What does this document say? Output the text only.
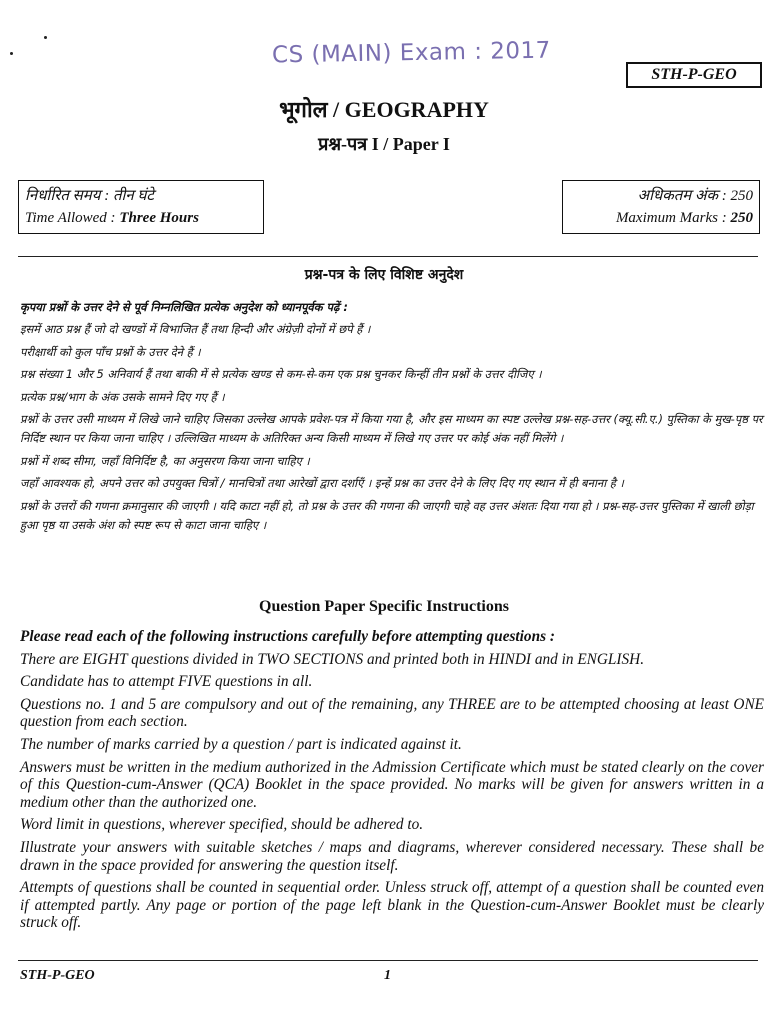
CS (MAIN) Exam : 2017
STH-P-GEO
भूगोल / GEOGRAPHY
प्रश्न-पत्र I / Paper I
निर्धारित समय : तीन घंटे
Time Allowed : Three Hours
अधिकतम अंक : 250
Maximum Marks : 250
प्रश्न-पत्र के लिए विशिष्ट अनुदेश

कृपया प्रश्नों के उत्तर देने से पूर्व निम्नलिखित प्रत्येक अनुदेश को ध्यानपूर्वक पढ़ें :

इसमें आठ प्रश्न हैं जो दो खण्डों में विभाजित हैं तथा हिन्दी और अंग्रेज़ी दोनों में छपे हैं ।

परीक्षार्थी को कुल पाँच प्रश्नों के उत्तर देने हैं ।

प्रश्न संख्या 1 और 5 अनिवार्य हैं तथा बाकी में से प्रत्येक खण्ड से कम-से-कम एक प्रश्न चुनकर किन्हीं तीन प्रश्नों के उत्तर दीजिए ।

प्रत्येक प्रश्न/भाग के अंक उसके सामने दिए गए हैं ।

प्रश्नों के उत्तर उसी माध्यम में लिखे जाने चाहिए जिसका उल्लेख आपके प्रवेश-पत्र में किया गया है, और इस माध्यम का स्पष्ट उल्लेख प्रश्न-सह-उत्तर (क्यू.सी.ए.) पुस्तिका के मुख-पृष्ठ पर निर्दिष्ट स्थान पर किया जाना चाहिए । उल्लिखित माध्यम के अतिरिक्त अन्य किसी माध्यम में लिखे गए उत्तर पर कोई अंक नहीं मिलेंगे ।

प्रश्नों में शब्द सीमा, जहाँ विनिर्दिष्ट है, का अनुसरण किया जाना चाहिए ।

जहाँ आवश्यक हो, अपने उत्तर को उपयुक्त चित्रों / मानचित्रों तथा आरेखों द्वारा दर्शाएँ । इन्हें प्रश्न का उत्तर देने के लिए दिए गए स्थान में ही बनाना है ।

प्रश्नों के उत्तरों की गणना क्रमानुसार की जाएगी । यदि काटा नहीं हो, तो प्रश्न के उत्तर की गणना की जाएगी चाहे वह उत्तर अंशतः दिया गया हो । प्रश्न-सह-उत्तर पुस्तिका में खाली छोड़ा हुआ पृष्ठ या उसके अंश को स्पष्ट रूप से काटा जाना चाहिए ।

Question Paper Specific Instructions

Please read each of the following instructions carefully before attempting questions :

There are EIGHT questions divided in TWO SECTIONS and printed both in HINDI and in ENGLISH.

Candidate has to attempt FIVE questions in all.

Questions no. 1 and 5 are compulsory and out of the remaining, any THREE are to be attempted choosing at least ONE question from each section.

The number of marks carried by a question / part is indicated against it.

Answers must be written in the medium authorized in the Admission Certificate which must be stated clearly on the cover of this Question-cum-Answer (QCA) Booklet in the space provided. No marks will be given for answers written in a medium other than the authorized one.

Word limit in questions, wherever specified, should be adhered to.

Illustrate your answers with suitable sketches / maps and diagrams, wherever considered necessary. These shall be drawn in the space provided for answering the question itself.

Attempts of questions shall be counted in sequential order. Unless struck off, attempt of a question shall be counted even if attempted partly. Any page or portion of the page left blank in the Question-cum-Answer Booklet must be clearly struck off.

STH-P-GEO	1
